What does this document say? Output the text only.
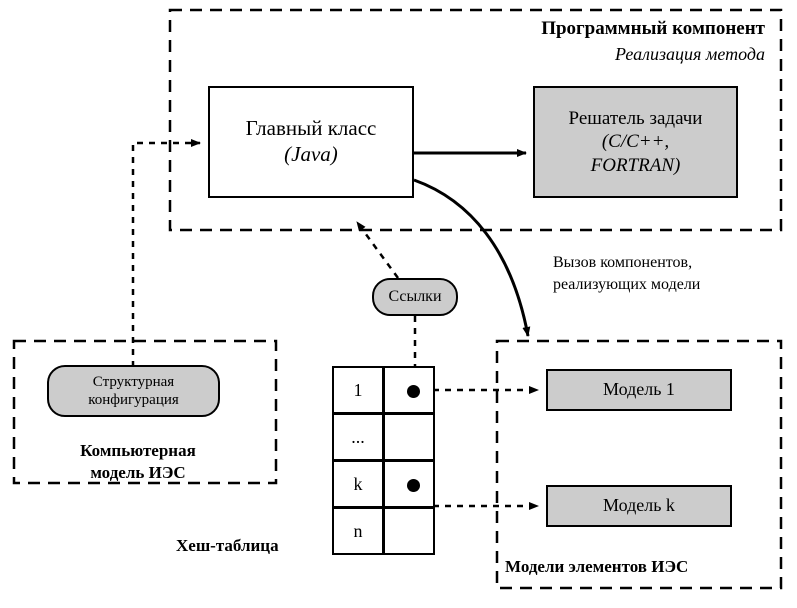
Программный компонент
Реализация метода
Компьютерная
модель ИЭС
Модели элементов ИЭС
Главный класс
(Java)
Решатель задачи
(C/C++,
FORTRAN)
Ссылки
Структурная
конфигурация
Модель 1
Модель k
Вызов компонентов,
реализующих модели
Хеш-таблица
1
...
k
n
